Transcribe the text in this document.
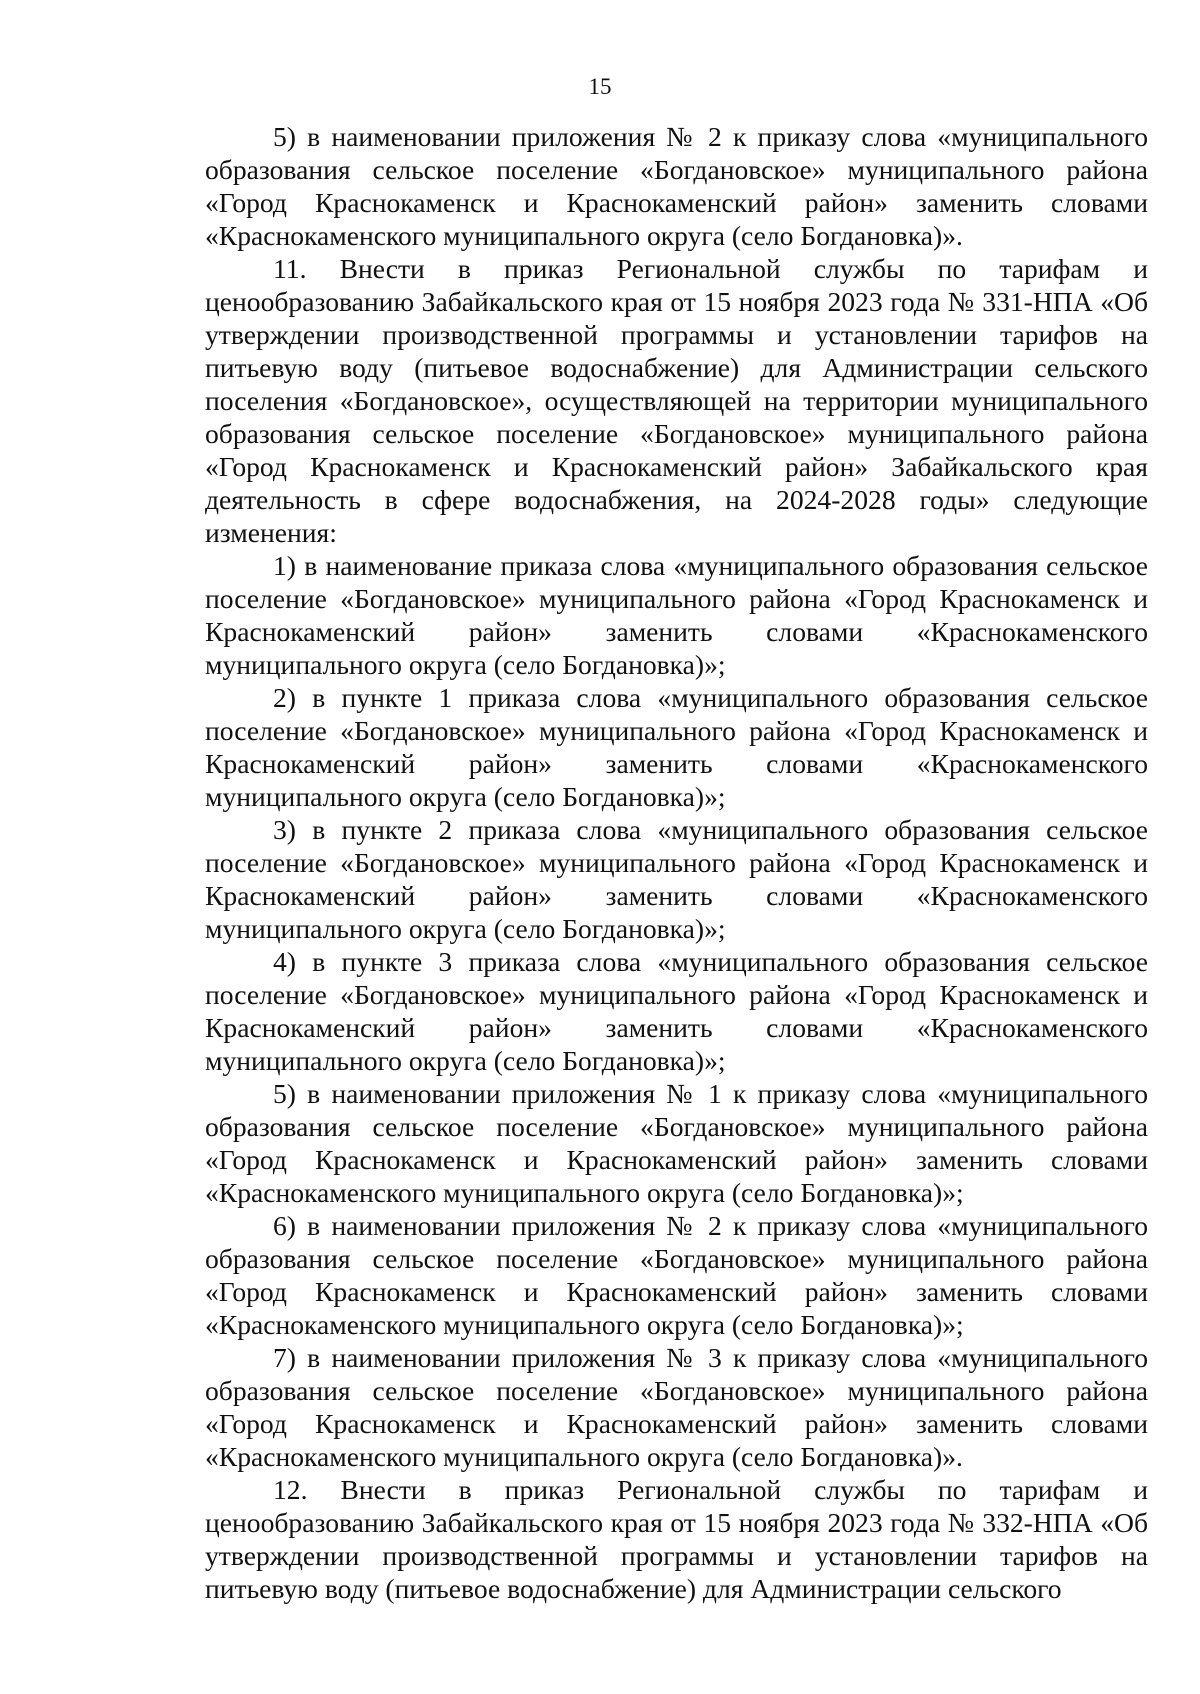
15

5) в наименовании приложения № 2 к приказу слова «муниципального образования сельское поселение «Богдановское» муниципального района «Город Краснокаменск и Краснокаменский район» заменить словами «Краснокаменского муниципального округа (село Богдановка)».

11. Внести в приказ Региональной службы по тарифам и ценообразованию Забайкальского края от 15 ноября 2023 года № 331-НПА «Об утверждении производственной программы и установлении тарифов на питьевую воду (питьевое водоснабжение) для Администрации сельского поселения «Богдановское», осуществляющей на территории муниципального образования сельское поселение «Богдановское» муниципального района «Город Краснокаменск и Краснокаменский район» Забайкальского края деятельность в сфере водоснабжения, на 2024-2028 годы» следующие изменения:

1) в наименование приказа слова «муниципального образования сельское поселение «Богдановское» муниципального района «Город Краснокаменск и Краснокаменский район» заменить словами «Краснокаменского муниципального округа (село Богдановка)»;

2) в пункте 1 приказа слова «муниципального образования сельское поселение «Богдановское» муниципального района «Город Краснокаменск и Краснокаменский район» заменить словами «Краснокаменского муниципального округа (село Богдановка)»;

3) в пункте 2 приказа слова «муниципального образования сельское поселение «Богдановское» муниципального района «Город Краснокаменск и Краснокаменский район» заменить словами «Краснокаменского муниципального округа (село Богдановка)»;

4) в пункте 3 приказа слова «муниципального образования сельское поселение «Богдановское» муниципального района «Город Краснокаменск и Краснокаменский район» заменить словами «Краснокаменского муниципального округа (село Богдановка)»;

5) в наименовании приложения № 1 к приказу слова «муниципального образования сельское поселение «Богдановское» муниципального района «Город Краснокаменск и Краснокаменский район» заменить словами «Краснокаменского муниципального округа (село Богдановка)»;

6) в наименовании приложения № 2 к приказу слова «муниципального образования сельское поселение «Богдановское» муниципального района «Город Краснокаменск и Краснокаменский район» заменить словами «Краснокаменского муниципального округа (село Богдановка)»;

7) в наименовании приложения № 3 к приказу слова «муниципального образования сельское поселение «Богдановское» муниципального района «Город Краснокаменск и Краснокаменский район» заменить словами «Краснокаменского муниципального округа (село Богдановка)».

12. Внести в приказ Региональной службы по тарифам и ценообразованию Забайкальского края от 15 ноября 2023 года № 332-НПА «Об утверждении производственной программы и установлении тарифов на питьевую воду (питьевое водоснабжение) для Администрации сельского
